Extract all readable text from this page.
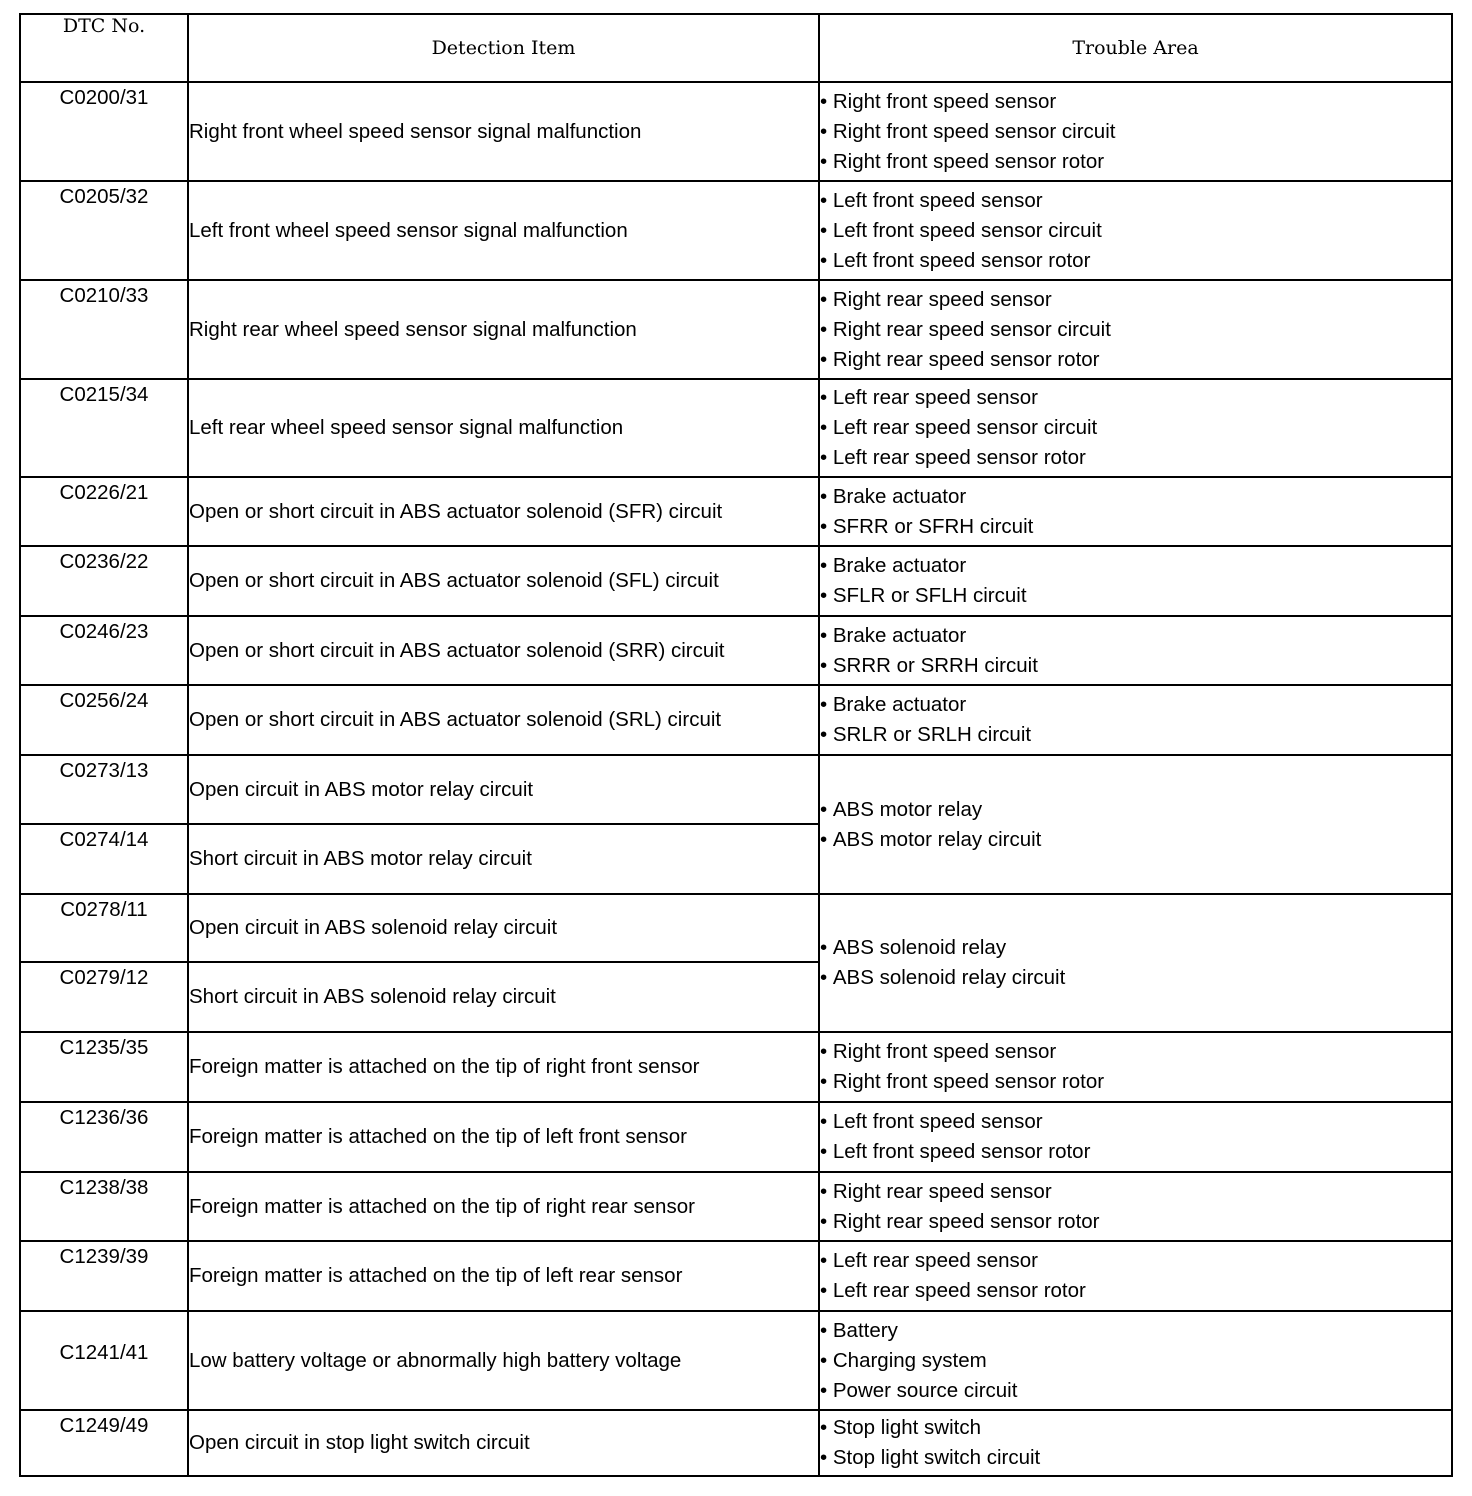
DTC No.	Detection Item	Trouble Area
C0200/31	Right front wheel speed sensor signal malfunction	• Right front speed sensor
• Right front speed sensor circuit
• Right front speed sensor rotor

C0205/32	Left front wheel speed sensor signal malfunction	• Left front speed sensor
• Left front speed sensor circuit
• Left front speed sensor rotor

C0210/33	Right rear wheel speed sensor signal malfunction	• Right rear speed sensor
• Right rear speed sensor circuit
• Right rear speed sensor rotor

C0215/34	Left rear wheel speed sensor signal malfunction	• Left rear speed sensor
• Left rear speed sensor circuit
• Left rear speed sensor rotor

C0226/21	Open or short circuit in ABS actuator solenoid (SFR) circuit	• Brake actuator
• SFRR or SFRH circuit

C0236/22	Open or short circuit in ABS actuator solenoid (SFL) circuit	• Brake actuator
• SFLR or SFLH circuit

C0246/23	Open or short circuit in ABS actuator solenoid (SRR) circuit	• Brake actuator
• SRRR or SRRH circuit

C0256/24	Open or short circuit in ABS actuator solenoid (SRL) circuit	• Brake actuator
• SRLR or SRLH circuit

C0273/13	Open circuit in ABS motor relay circuit	• ABS motor relay
• ABS motor relay circuit

C0274/14	Short circuit in ABS motor relay circuit	
C0278/11	Open circuit in ABS solenoid relay circuit	• ABS solenoid relay
• ABS solenoid relay circuit

C0279/12	Short circuit in ABS solenoid relay circuit	
C1235/35	Foreign matter is attached on the tip of right front sensor	• Right front speed sensor
• Right front speed sensor rotor

C1236/36	Foreign matter is attached on the tip of left front sensor	• Left front speed sensor
• Left front speed sensor rotor

C1238/38	Foreign matter is attached on the tip of right rear sensor	• Right rear speed sensor
• Right rear speed sensor rotor

C1239/39	Foreign matter is attached on the tip of left rear sensor	• Left rear speed sensor
• Left rear speed sensor rotor

C1241/41	Low battery voltage or abnormally high battery voltage	• Battery
• Charging system
• Power source circuit

C1249/49	Open circuit in stop light switch circuit	• Stop light switch
• Stop light switch circuit
